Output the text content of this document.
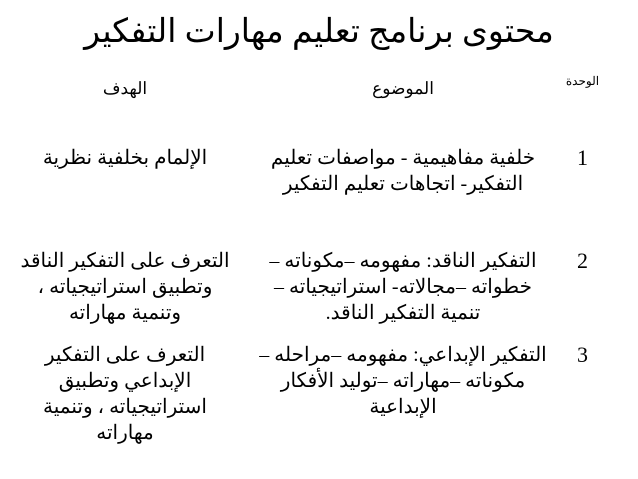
محتوى برنامج تعليم مهارات التفكير
الوحدة
الموضوع
الهدف
1
خلفية مفاهيمية - مواصفات تعليم
التفكير- اتجاهات تعليم التفكير
الإلمام بخلفية نظرية
2
التفكير الناقد: مفهومه –مكوناته –
خطواته –مجالاته- استراتيجياته –
تنمية التفكير الناقد.
التعرف على التفكير الناقد
وتطبيق استراتيجياته ،
وتنمية مهاراته
3
التفكير الإبداعي: مفهومه –مراحله –
مكوناته –مهاراته –توليد الأفكار
الإبداعية
التعرف على التفكير
الإبداعي وتطبيق
استراتيجياته ، وتنمية
مهاراته
